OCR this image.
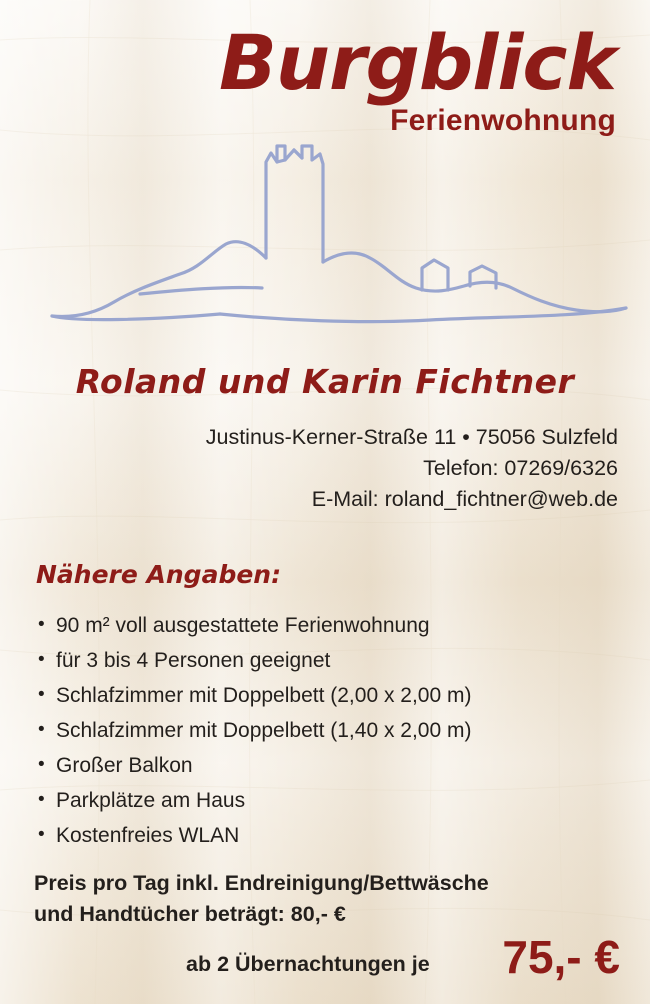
Burgblick
Ferienwohnung
Roland und Karin Fichtner
Justinus-Kerner-Straße 11 • 75056 Sulzfeld
Telefon: 07269/6326
E-Mail: roland_fichtner@web.de
Nähere Angaben:
• 90 m² voll ausgestattete Ferienwohnung
• für 3 bis 4 Personen geeignet
• Schlafzimmer mit Doppelbett (2,00 x 2,00 m)
• Schlafzimmer mit Doppelbett (1,40 x 2,00 m)
• Großer Balkon
• Parkplätze am Haus
• Kostenfreies WLAN
Preis pro Tag inkl. Endreinigung/Bettwäsche
und Handtücher beträgt: 80,- €
ab 2 Übernachtungen je 75,- €
